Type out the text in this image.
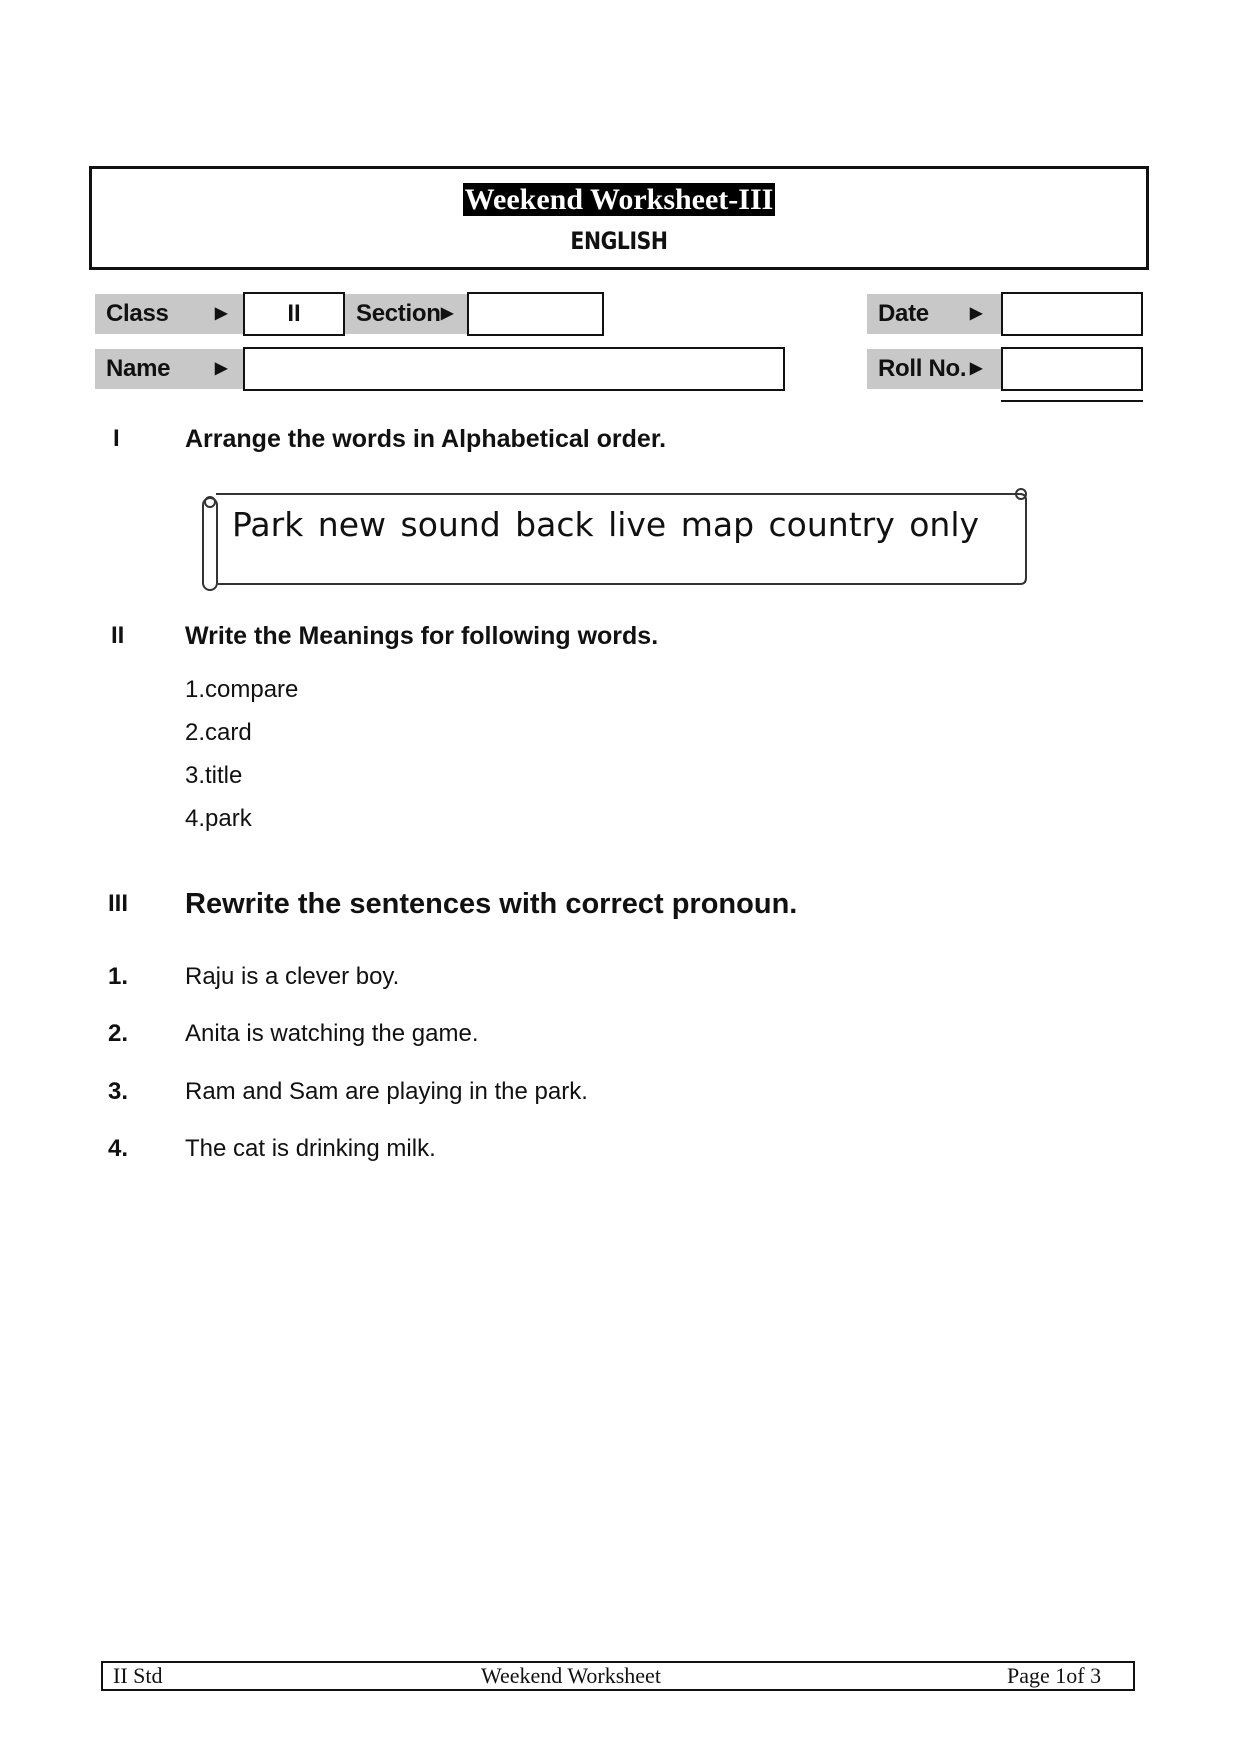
Weekend Worksheet-III
ENGLISH
Class	▶	II	Section ▶	Date	▶
Name	▶	Roll No. ▶
I	Arrange the words in Alphabetical order.
Park new sound back live map country only
II Write the Meanings for following words.
1.compare
2.card
3.title
4.park
III Rewrite the sentences with correct pronoun.
1. Raju is a clever boy.
2. Anita is watching the game.
3. Ram and Sam are playing in the park.
4. The cat is drinking milk.
II Std	Weekend Worksheet	Page 1of 3
